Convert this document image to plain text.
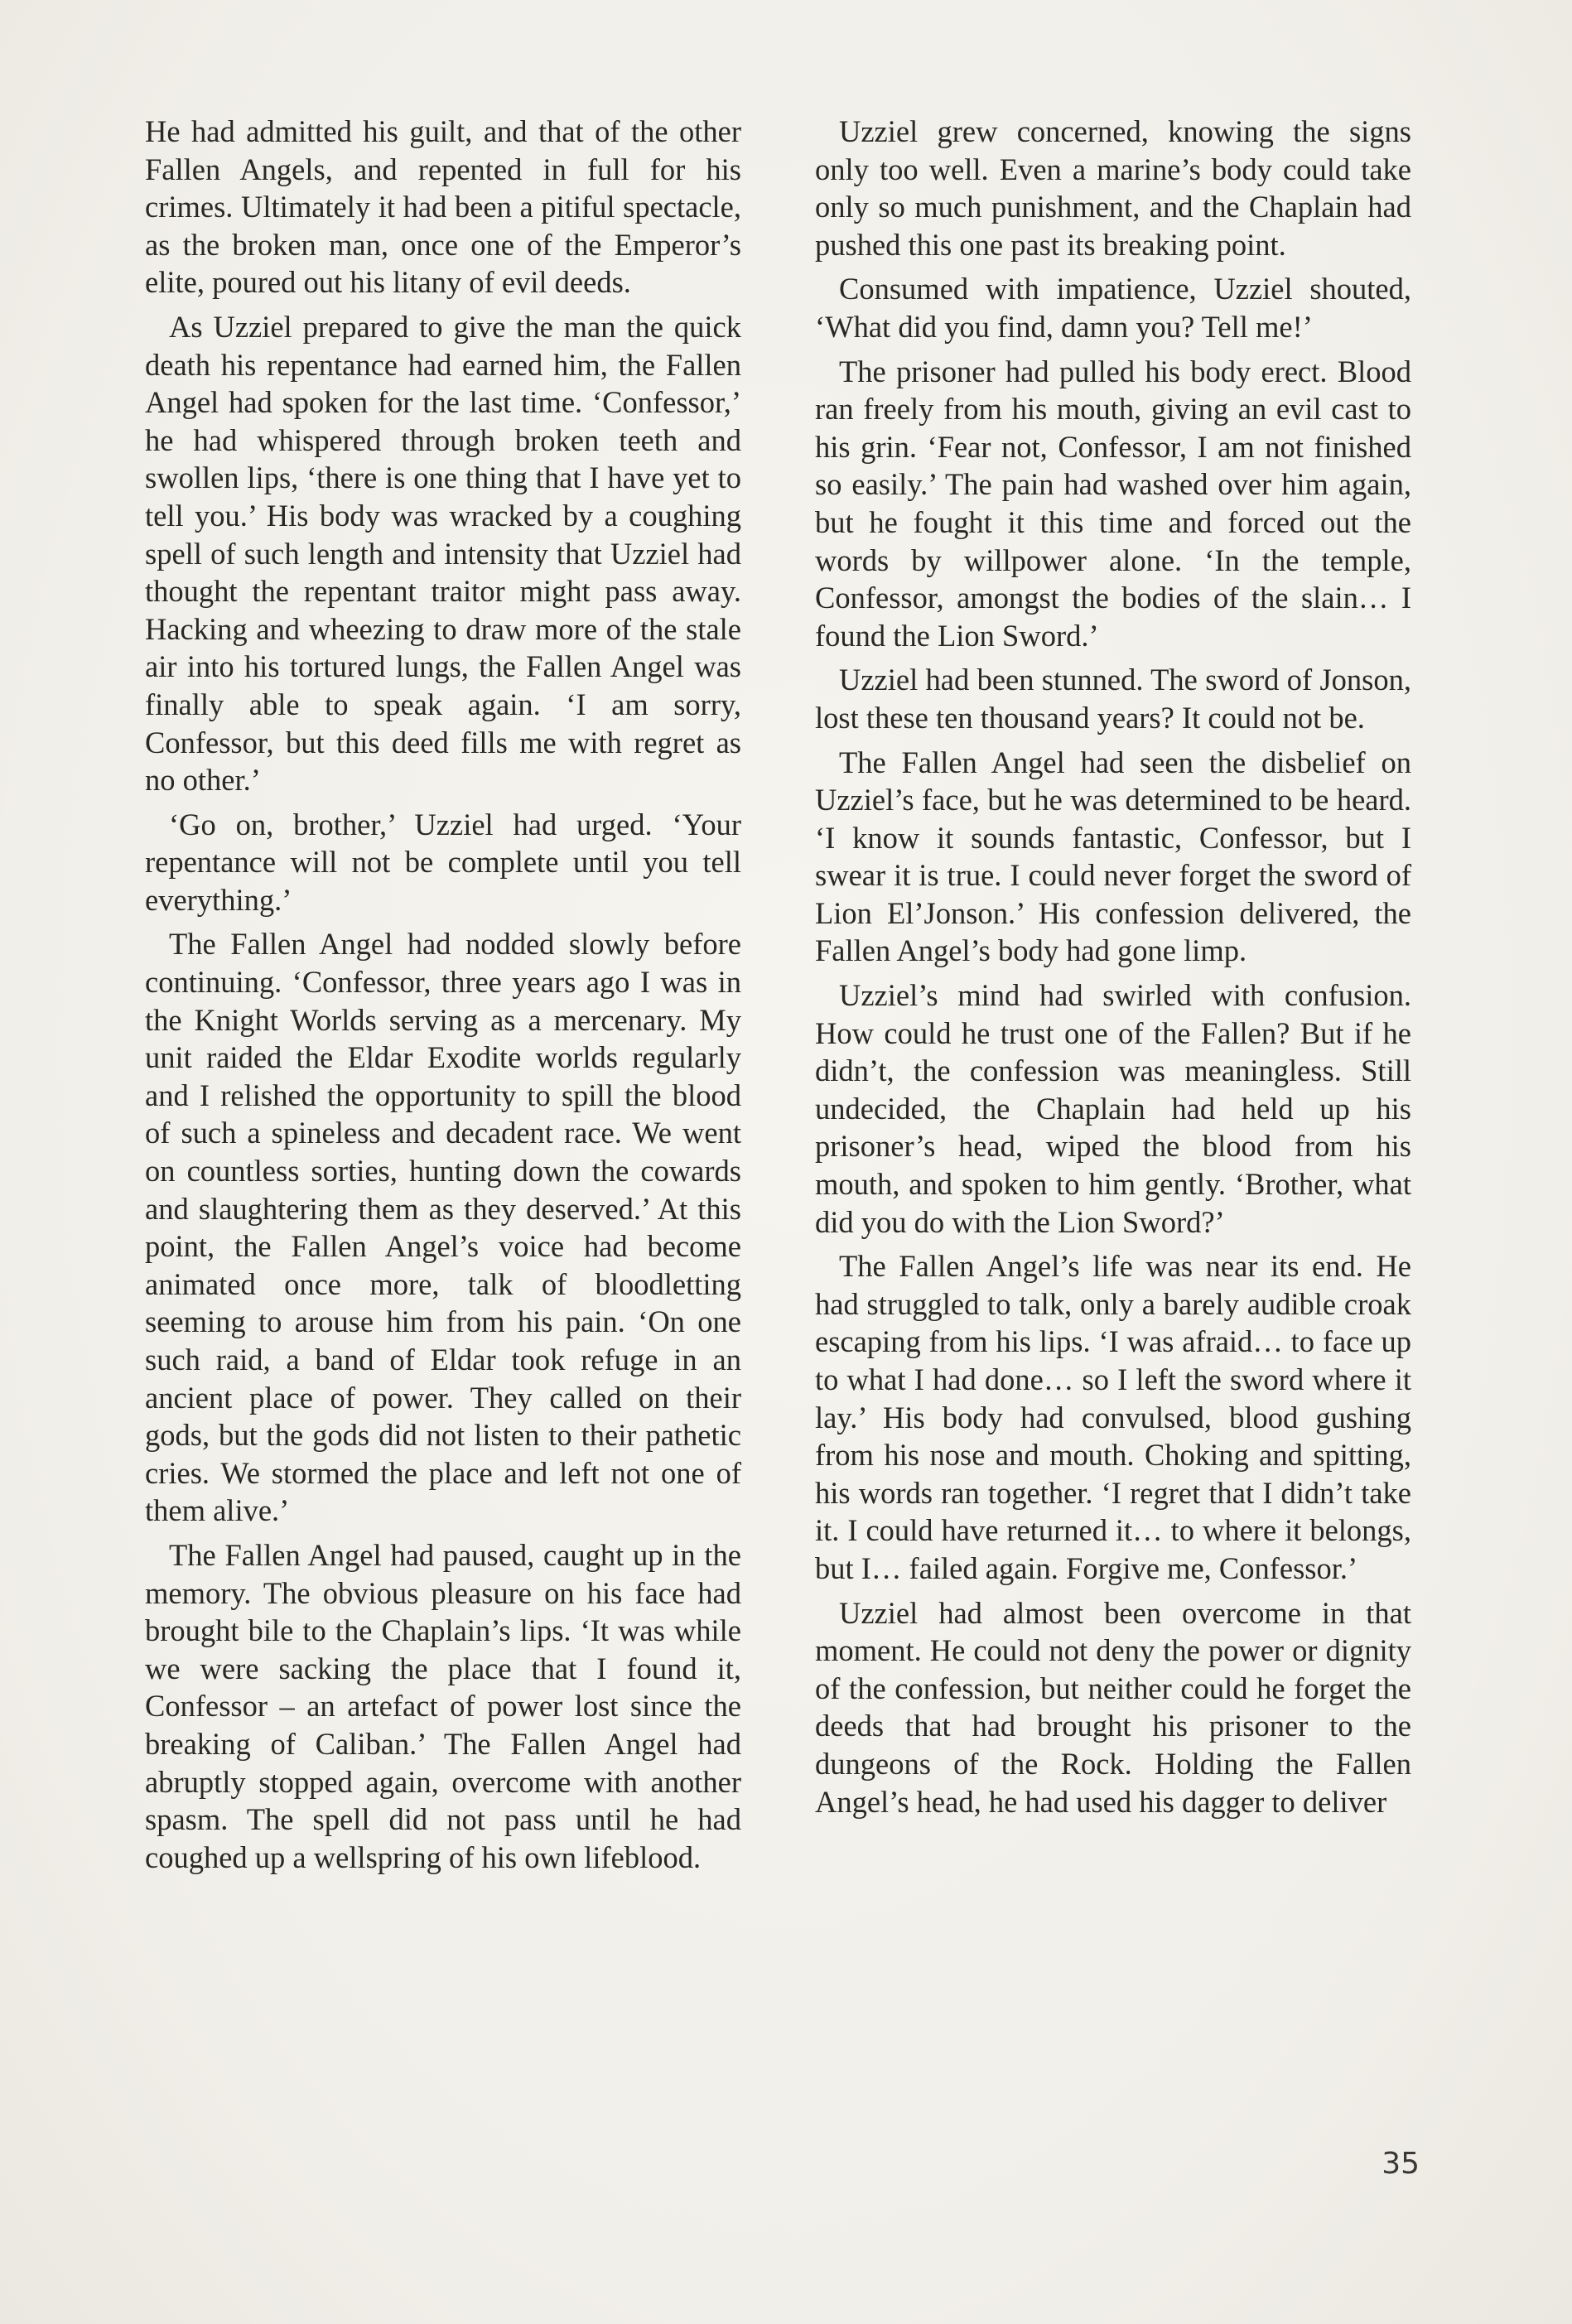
He had admitted his guilt, and that of the other Fallen Angels, and repented in full for his crimes. Ultimately it had been a pitiful spectacle, as the broken man, once one of the Emperor’s elite, poured out his litany of evil deeds.

As Uzziel prepared to give the man the quick death his repentance had earned him, the Fallen Angel had spoken for the last time. ‘Confessor,’ he had whispered through broken teeth and swollen lips, ‘there is one thing that I have yet to tell you.’ His body was wracked by a coughing spell of such length and intensity that Uzziel had thought the repentant traitor might pass away. Hacking and wheezing to draw more of the stale air into his tortured lungs, the Fallen Angel was finally able to speak again. ‘I am sorry, Confessor, but this deed fills me with regret as no other.’

‘Go on, brother,’ Uzziel had urged. ‘Your repentance will not be complete until you tell everything.’

The Fallen Angel had nodded slowly before continuing. ‘Confessor, three years ago I was in the Knight Worlds serving as a mercenary. My unit raided the Eldar Exodite worlds regularly and I relished the opportunity to spill the blood of such a spineless and decadent race. We went on countless sorties, hunting down the cowards and slaughtering them as they deserved.’ At this point, the Fallen Angel’s voice had become animated once more, talk of bloodletting seeming to arouse him from his pain. ‘On one such raid, a band of Eldar took refuge in an ancient place of power. They called on their gods, but the gods did not listen to their pathetic cries. We stormed the place and left not one of them alive.’

The Fallen Angel had paused, caught up in the memory. The obvious pleasure on his face had brought bile to the Chaplain’s lips. ‘It was while we were sacking the place that I found it, Confessor – an artefact of power lost since the breaking of Caliban.’ The Fallen Angel had abruptly stopped again, overcome with another spasm. The spell did not pass until he had coughed up a wellspring of his own lifeblood.

Uzziel grew concerned, knowing the signs only too well. Even a marine’s body could take only so much punishment, and the Chaplain had pushed this one past its breaking point.

Consumed with impatience, Uzziel shouted, ‘What did you find, damn you? Tell me!’

The prisoner had pulled his body erect. Blood ran freely from his mouth, giving an evil cast to his grin. ‘Fear not, Confessor, I am not finished so easily.’ The pain had washed over him again, but he fought it this time and forced out the words by willpower alone. ‘In the temple, Confessor, amongst the bodies of the slain… I found the Lion Sword.’

Uzziel had been stunned. The sword of Jonson, lost these ten thousand years? It could not be.

The Fallen Angel had seen the disbelief on Uzziel’s face, but he was determined to be heard. ‘I know it sounds fantastic, Confessor, but I swear it is true. I could never forget the sword of Lion El’Jonson.’ His confession delivered, the Fallen Angel’s body had gone limp.

Uzziel’s mind had swirled with confusion. How could he trust one of the Fallen? But if he didn’t, the confession was meaningless. Still undecided, the Chaplain had held up his prisoner’s head, wiped the blood from his mouth, and spoken to him gently. ‘Brother, what did you do with the Lion Sword?’

The Fallen Angel’s life was near its end. He had struggled to talk, only a barely audible croak escaping from his lips. ‘I was afraid… to face up to what I had done… so I left the sword where it lay.’ His body had convulsed, blood gushing from his nose and mouth. Choking and spitting, his words ran together. ‘I regret that I didn’t take it. I could have returned it… to where it belongs, but I… failed again. Forgive me, Confessor.’

Uzziel had almost been overcome in that moment. He could not deny the power or dignity of the confession, but neither could he forget the deeds that had brought his prisoner to the dungeons of the Rock. Holding the Fallen Angel’s head, he had used his dagger to deliver

35
